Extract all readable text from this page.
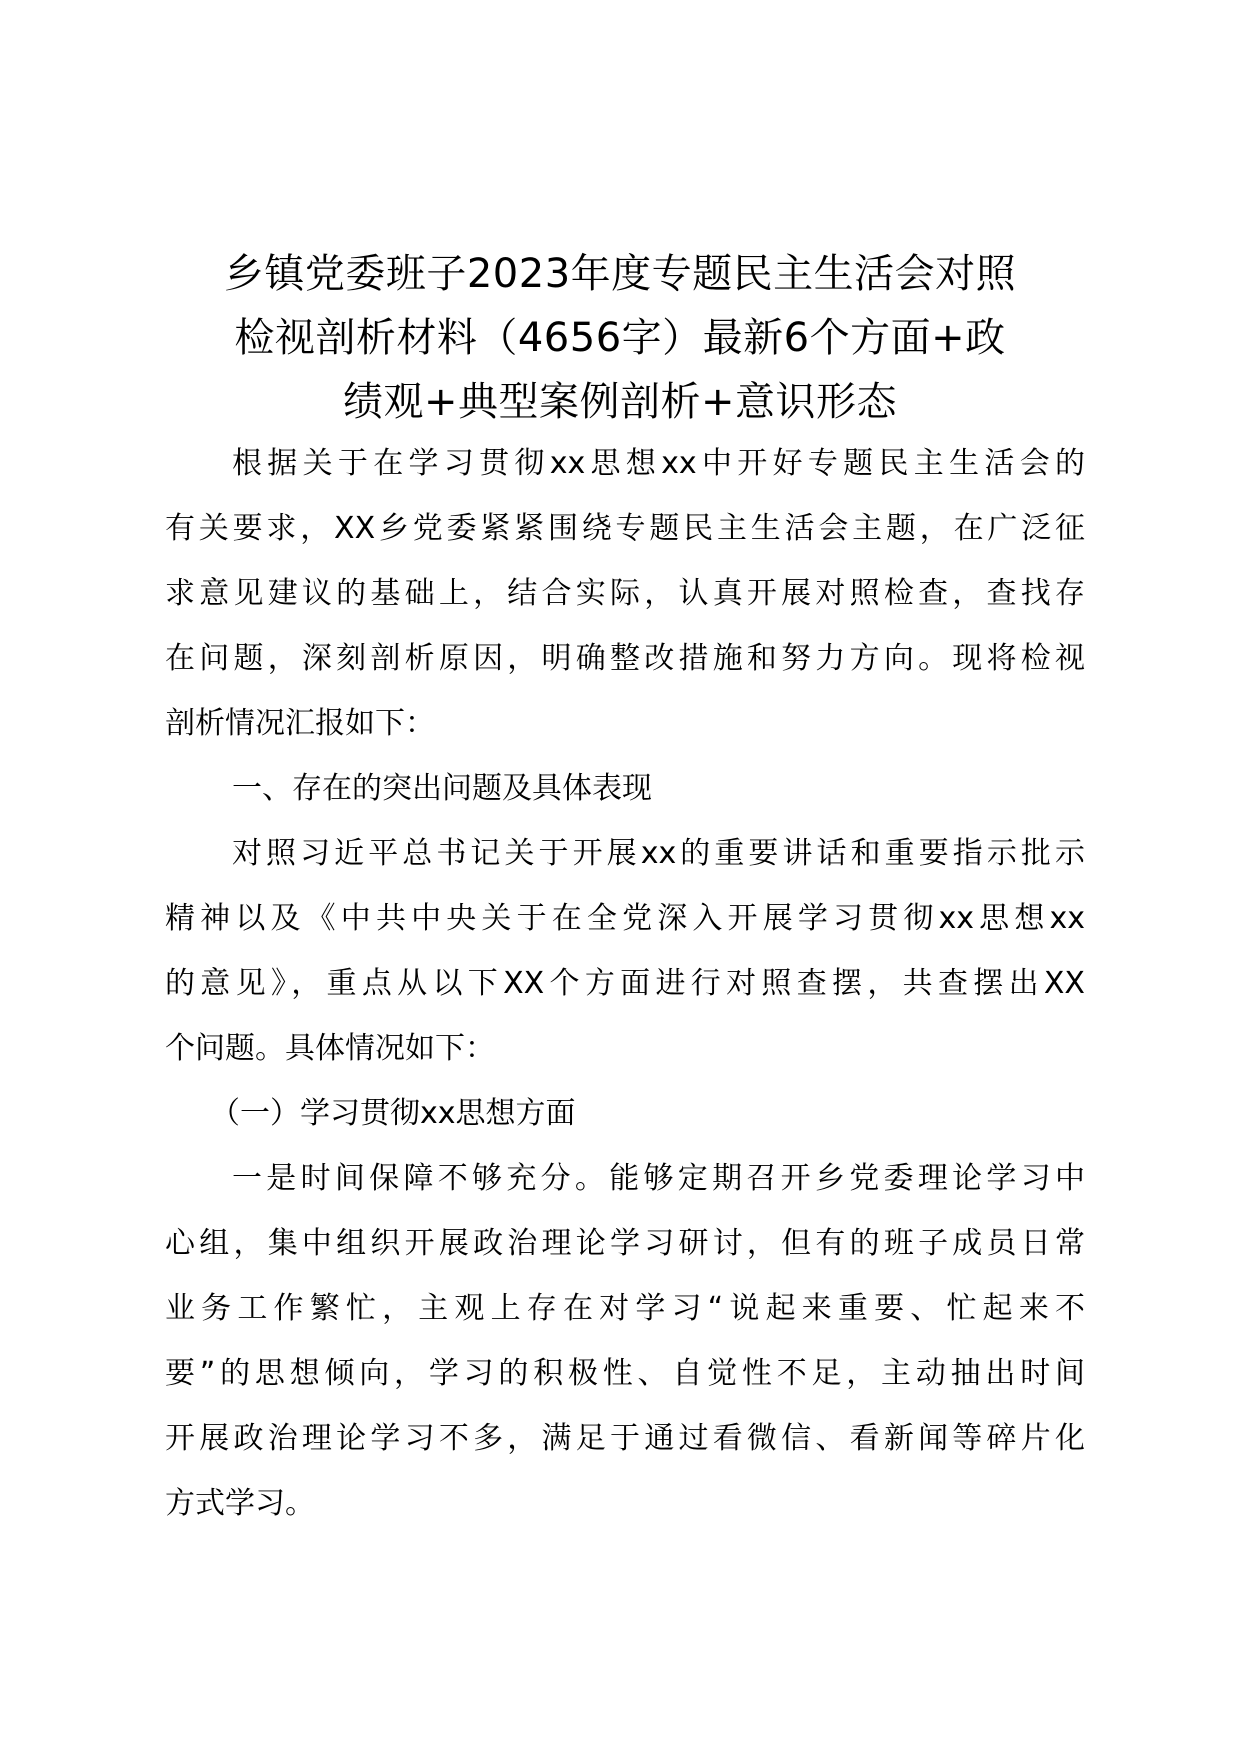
乡镇党委班子2023年度专题民主生活会对照
检视剖析材料（4656字）最新6个方面+政
绩观+典型案例剖析+意识形态

根据关于在学习贯彻xx思想xx中开好专题民主生活会的
有关要求，XX乡党委紧紧围绕专题民主生活会主题，在广泛征
求意见建议的基础上，结合实际，认真开展对照检查，查找存
在问题，深刻剖析原因，明确整改措施和努力方向。现将检视
剖析情况汇报如下：

一、存在的突出问题及具体表现

对照习近平总书记关于开展xx的重要讲话和重要指示批示
精神以及《中共中央关于在全党深入开展学习贯彻xx思想xx
的意见》，重点从以下XX个方面进行对照查摆，共查摆出XX
个问题。具体情况如下：

（一）学习贯彻xx思想方面

一是时间保障不够充分。能够定期召开乡党委理论学习中
心组，集中组织开展政治理论学习研讨，但有的班子成员日常
业务工作繁忙，主观上存在对学习“说起来重要、忙起来不
要”的思想倾向，学习的积极性、自觉性不足，主动抽出时间
开展政治理论学习不多，满足于通过看微信、看新闻等碎片化
方式学习。
